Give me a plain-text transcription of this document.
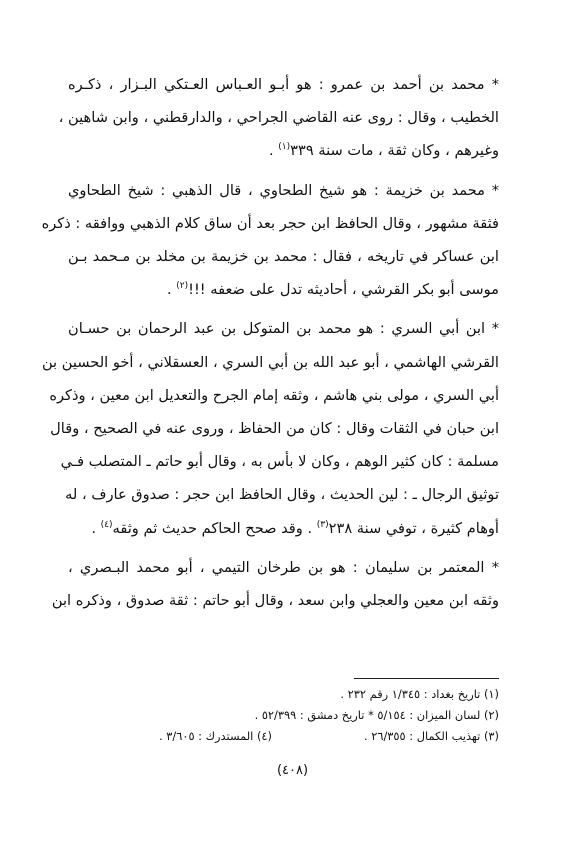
* محمد بن أحمد بن عمرو : هو أبـو العـباس العـتكي البـزار ، ذكـره
الخطيب ، وقال : روى عنه القاضي الجراحي ، والدارقطني ، وابن شاهين ،
وغيرهم ، وكان ثقة ، مات سنة ٣٣٩$^{(١)}$ .
* محمد بن خزيمة : هو شيخ الطحاوي ، قال الذهبي : شيخ الطحاوي
فثقة مشهور ، وقال الحافظ ابن حجر بعد أن ساق كلام الذهبي ووافقه : ذكره
ابن عساكر في تاريخه ، فقال : محمد بن خزيمة بن مخلد بن مـحمد بـن
موسى أبو بكر القرشي ، أحاديثه تدل على ضعفه !!!$^{(٢)}$ .
* ابن أبي السري : هو محمد بن المتوكل بن عبد الرحمان بن حسـان
القرشي الهاشمي ، أبو عبد الله بن أبي السري ، العسقلاني ، أخو الحسين بن
أبي السري ، مولى بني هاشم ، وثقه إمام الجرح والتعديل ابن معين ، وذكره
ابن حبان في الثقات وقال : كان من الحفاظ ، وروى عنه في الصحيح ، وقال
مسلمة : كان كثير الوهم ، وكان لا بأس به ، وقال أبو حاتم ـ المتصلب فـي
توثيق الرجال ـ : لين الحديث ، وقال الحافظ ابن حجر : صدوق عارف ، له
أوهام كثيرة ، توفي سنة ٢٣٨$^{(٣)}$ . وقد صحح الحاكم حديث ثم وثقه$^{(٤)}$ .
* المعتمر بن سليمان : هو بن طرخان التيمي ، أبو محمد البـصري ،
وثقه ابن معين والعجلي وابن سعد ، وقال أبو حاتم : ثقة صدوق ، وذكره ابن
(١) تاريخ بغداد : ١/٣٤٥ رقم ٢٣٢ .
(٢) لسان الميزان : ٥/١٥٤ * تاريخ دمشق : ٥٢/٣٩٩ .
(٣) تهذيب الكمال : ٢٦/٣٥٥ .
(٤) المستدرك : ٣/٦٠٥ .
(٤٠٨)
